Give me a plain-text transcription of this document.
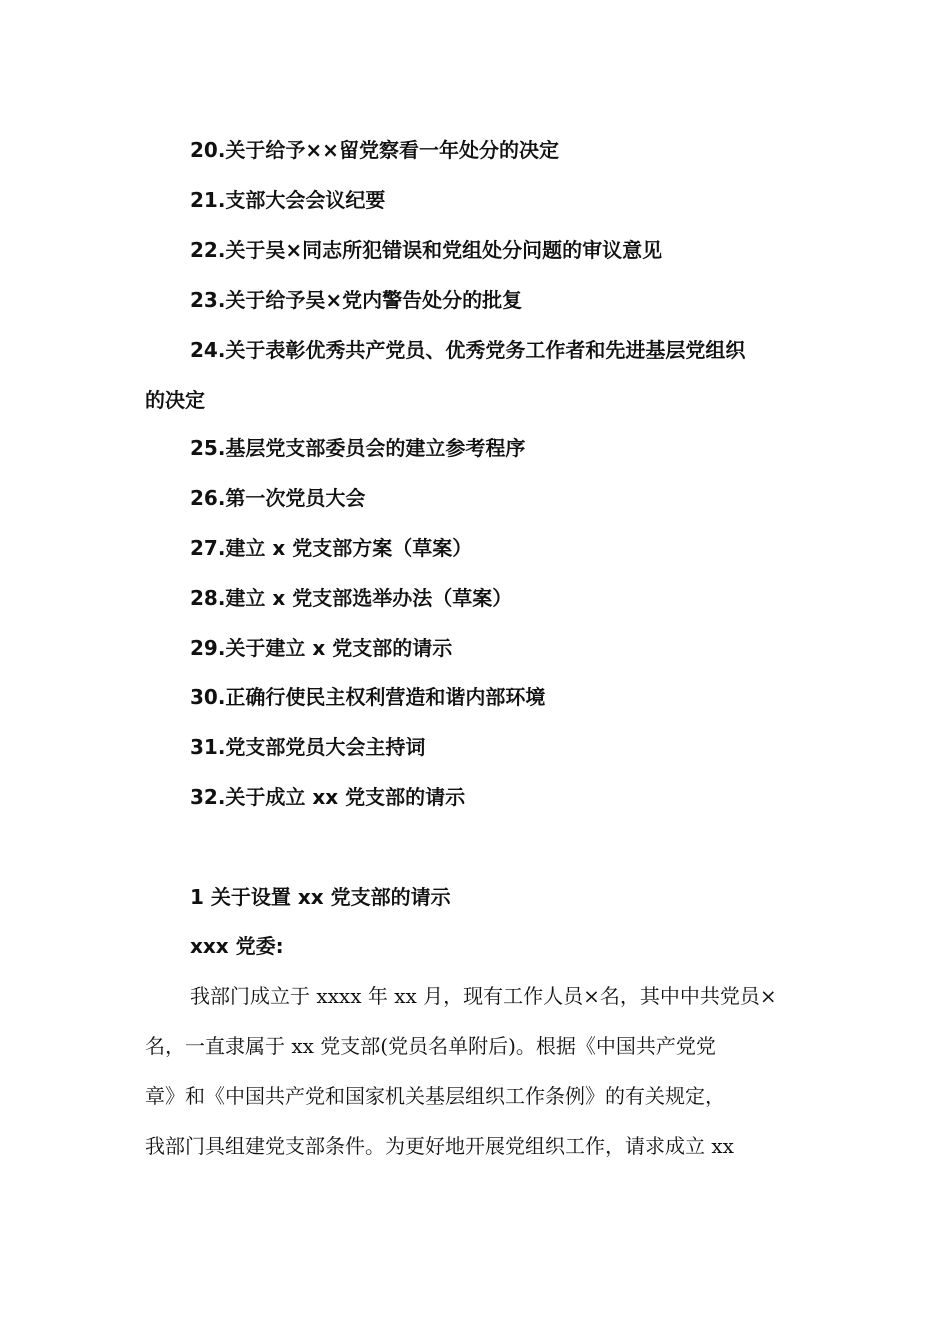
20.关于给予××留党察看一年处分的决定
21.支部大会会议纪要
22.关于吴×同志所犯错误和党组处分问题的审议意见
23.关于给予吴×党内警告处分的批复
24.关于表彰优秀共产党员、优秀党务工作者和先进基层党组织
的决定
25.基层党支部委员会的建立参考程序
26.第一次党员大会
27.建立 x 党支部方案（草案）
28.建立 x 党支部选举办法（草案）
29.关于建立 x 党支部的请示
30.正确行使民主权利营造和谐内部环境
31.党支部党员大会主持词
32.关于成立 xx 党支部的请示
1 关于设置 xx 党支部的请示
xxx 党委:
我部门成立于 xxxx 年 xx 月，现有工作人员×名，其中中共党员×
名，一直隶属于 xx 党支部(党员名单附后)。根据《中国共产党党
章》和《中国共产党和国家机关基层组织工作条例》的有关规定，
我部门具组建党支部条件。为更好地开展党组织工作，请求成立 xx
